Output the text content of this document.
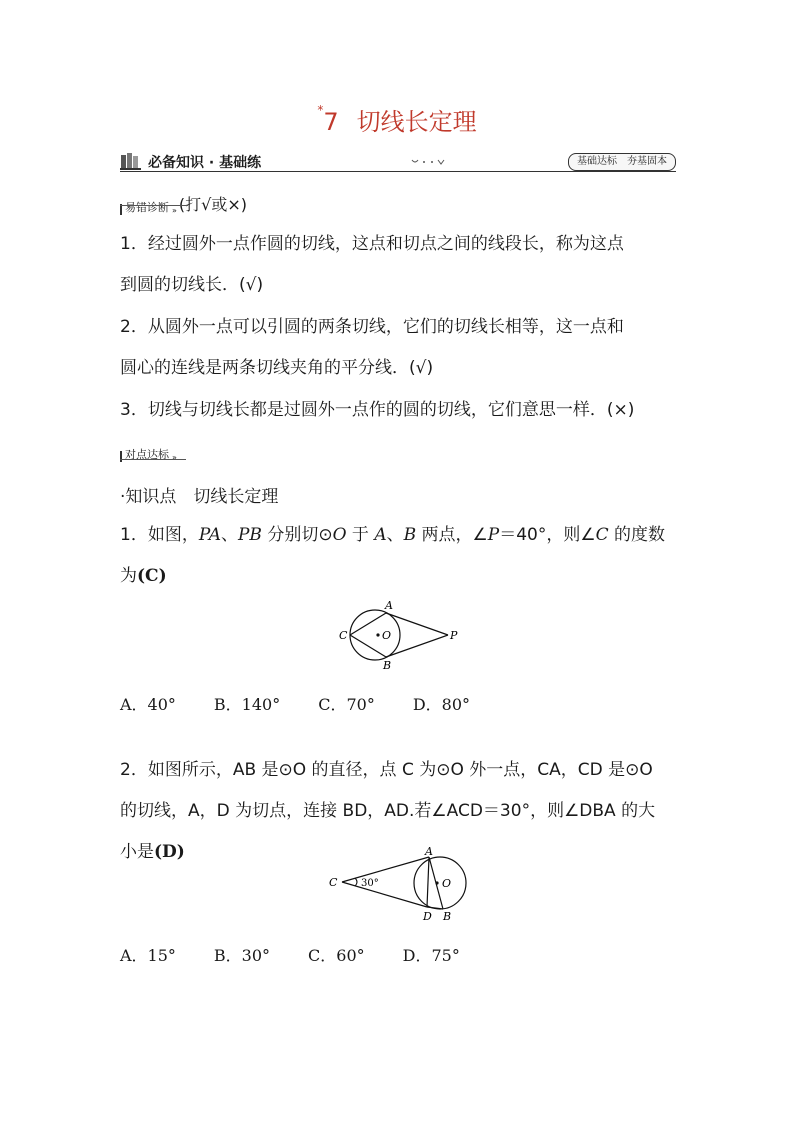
*7 切线长定理
必备知识 · 基础练	基础达标 夯基固本
易错诊断 » (打√或×)
1．经过圆外一点作圆的切线，这点和切点之间的线段长，称为这点
到圆的切线长．(√)
2．从圆外一点可以引圆的两条切线，它们的切线长相等，这一点和
圆心的连线是两条切线夹角的平分线．(√)
3．切线与切线长都是过圆外一点作的圆的切线，它们意思一样．(×)
对点达标 »
·知识点　切线长定理
1．如图，PA、PB 分别切⊙O 于 A、B 两点，∠P＝40°，则∠C 的度数
为(C)
A
B
C	O	P
A．40° B．140° C．70° D．80°
2．如图所示，AB 是⊙O 的直径，点 C 为⊙O 外一点，CA，CD 是⊙O
的切线，A，D 为切点，连接 BD，AD.若∠ACD＝30°，则∠DBA 的大
小是(D)	A
B
C
D
O
30°
A．15° B．30° C．60° D．75°
